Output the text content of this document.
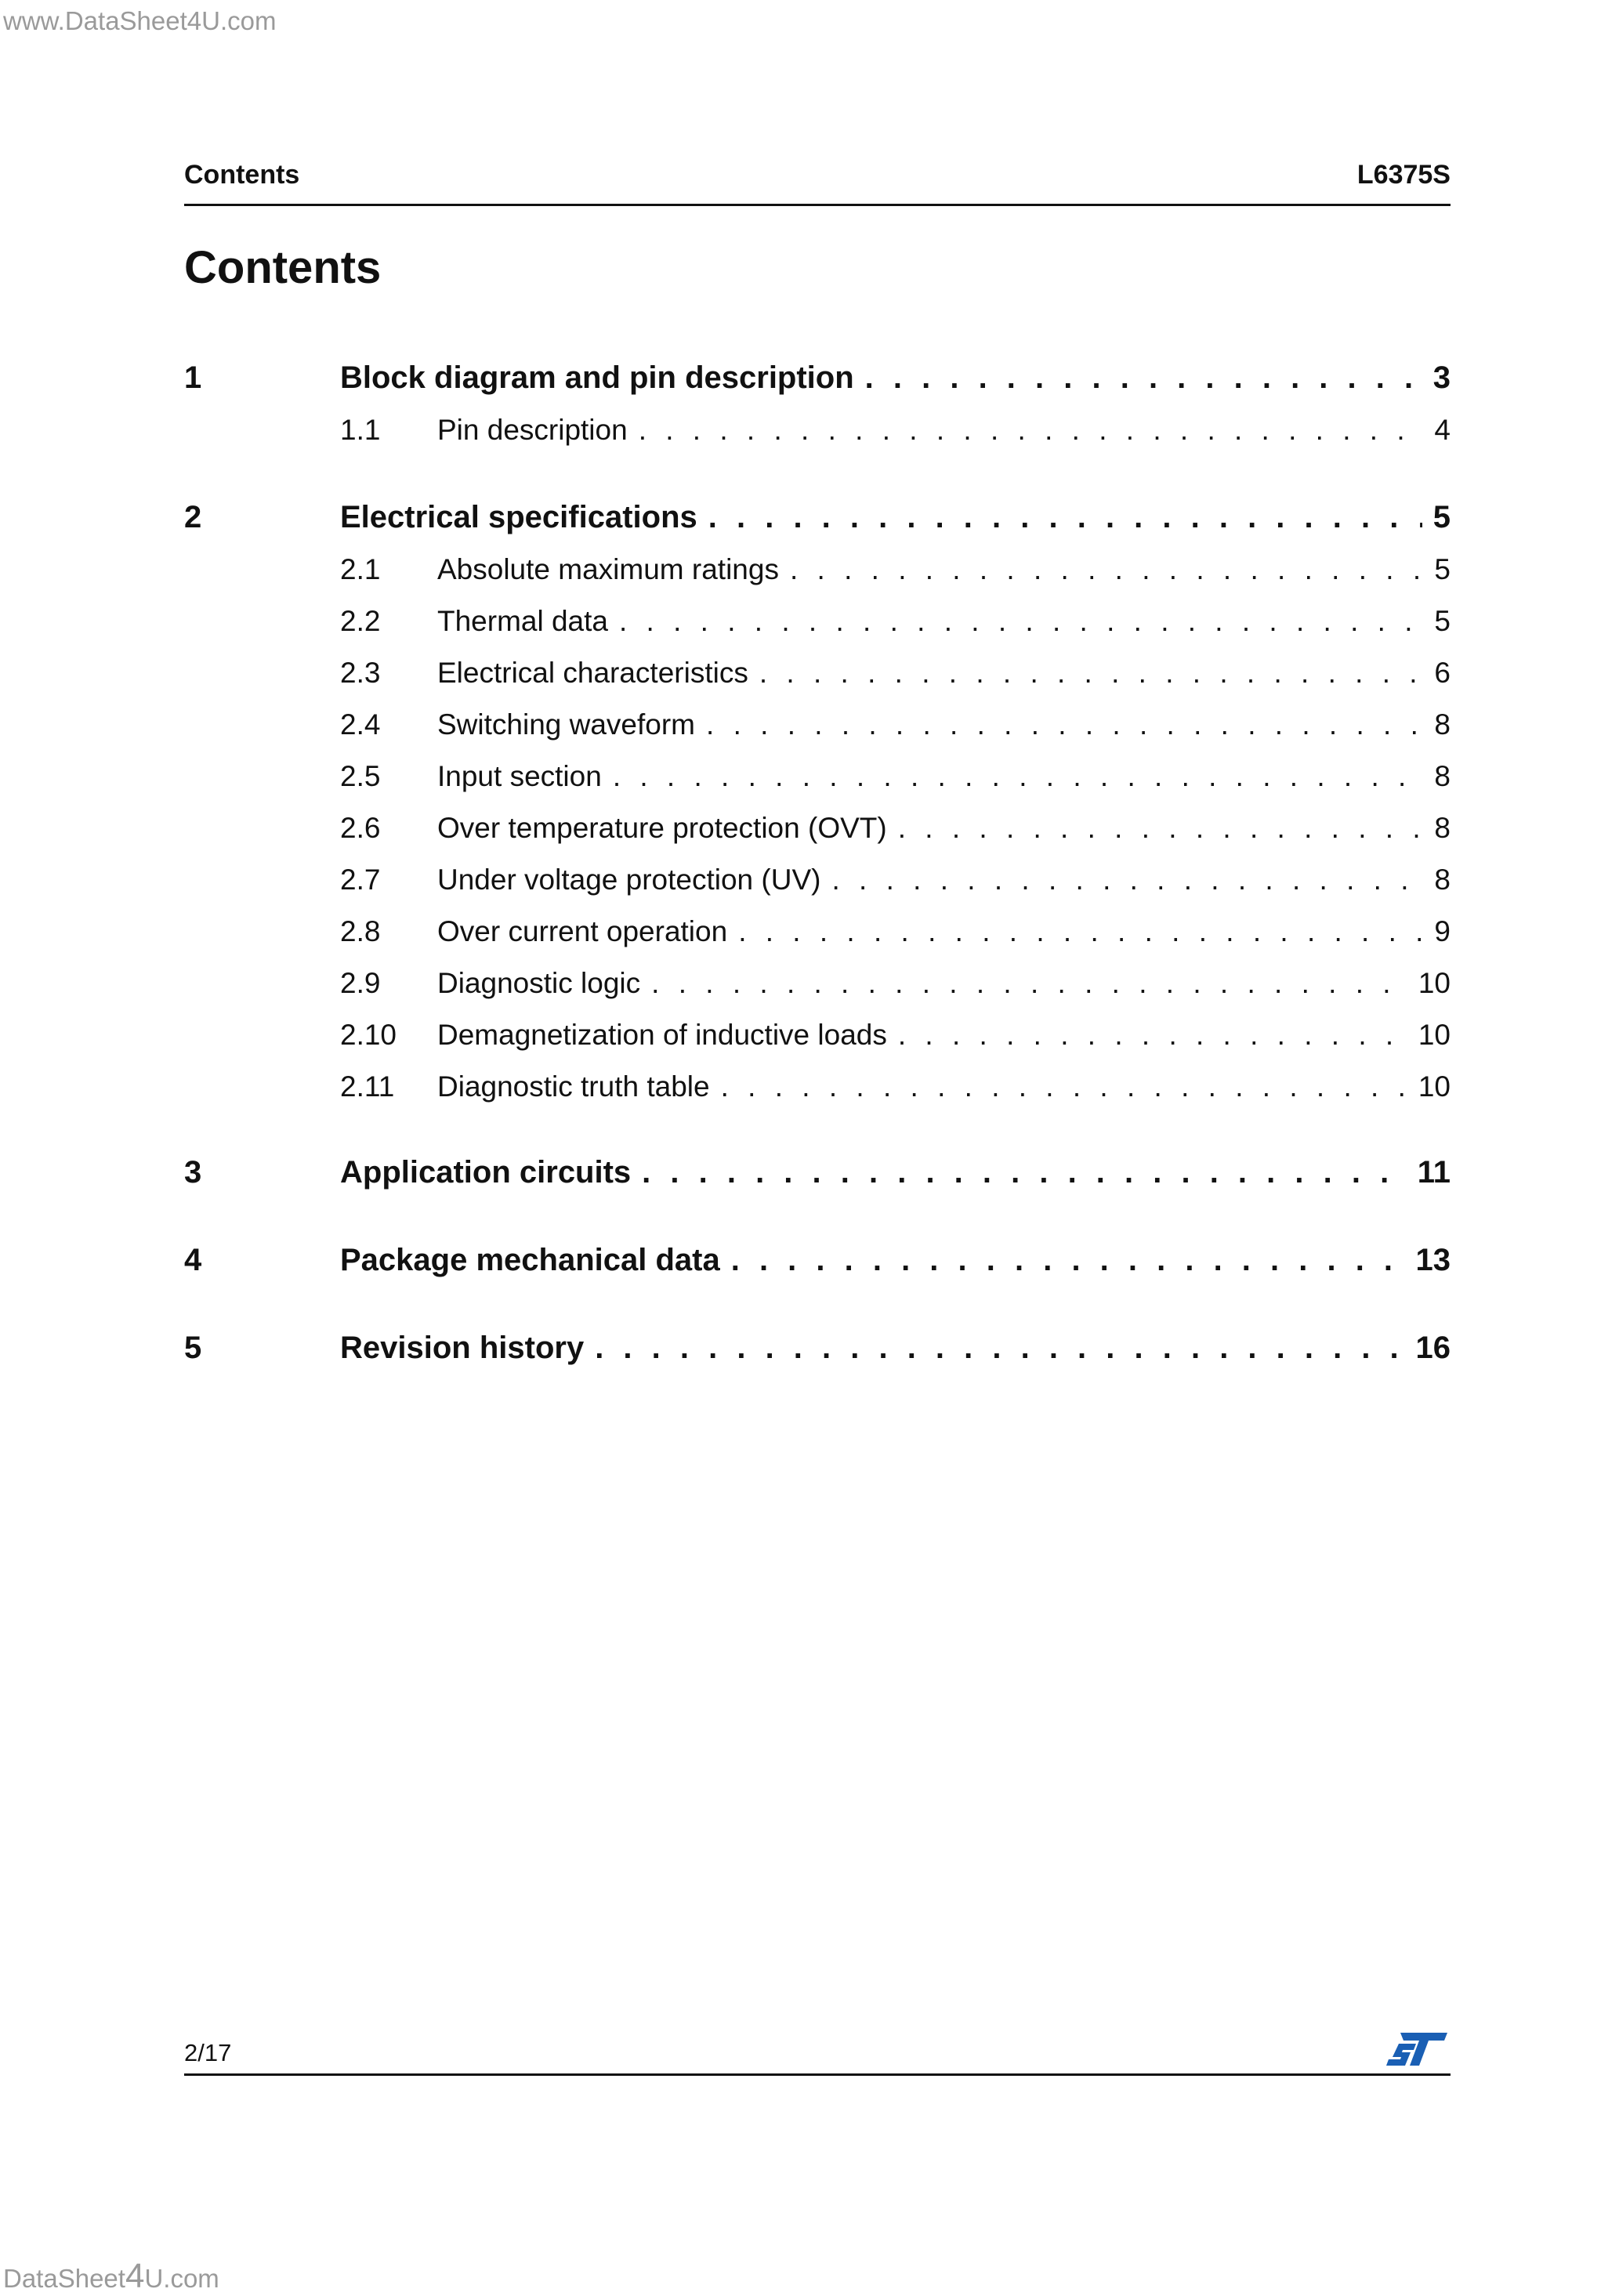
www.DataSheet4U.com
Contents	L6375S
Contents
1	Block diagram and pin description . . .	3
1.1 Pin description . . .	4
2	Electrical specifications . . .	5
2.1 Absolute maximum ratings . . .	5
2.2 Thermal data . . .	5
2.3 Electrical characteristics . . .	6
2.4 Switching waveform . . .	8
2.5 Input section . . .	8
2.6 Over temperature protection (OVT) . . .	8
2.7 Under voltage protection (UV) . . .	8
2.8 Over current operation . . .	9
2.9 Diagnostic logic . . .	10
2.10 Demagnetization of inductive loads . . .	10
2.11 Diagnostic truth table . . .	10
3	Application circuits . . .	11
4	Package mechanical data . . .	13
5	Revision history . . .	16
2/17
DataSheet4U.com
